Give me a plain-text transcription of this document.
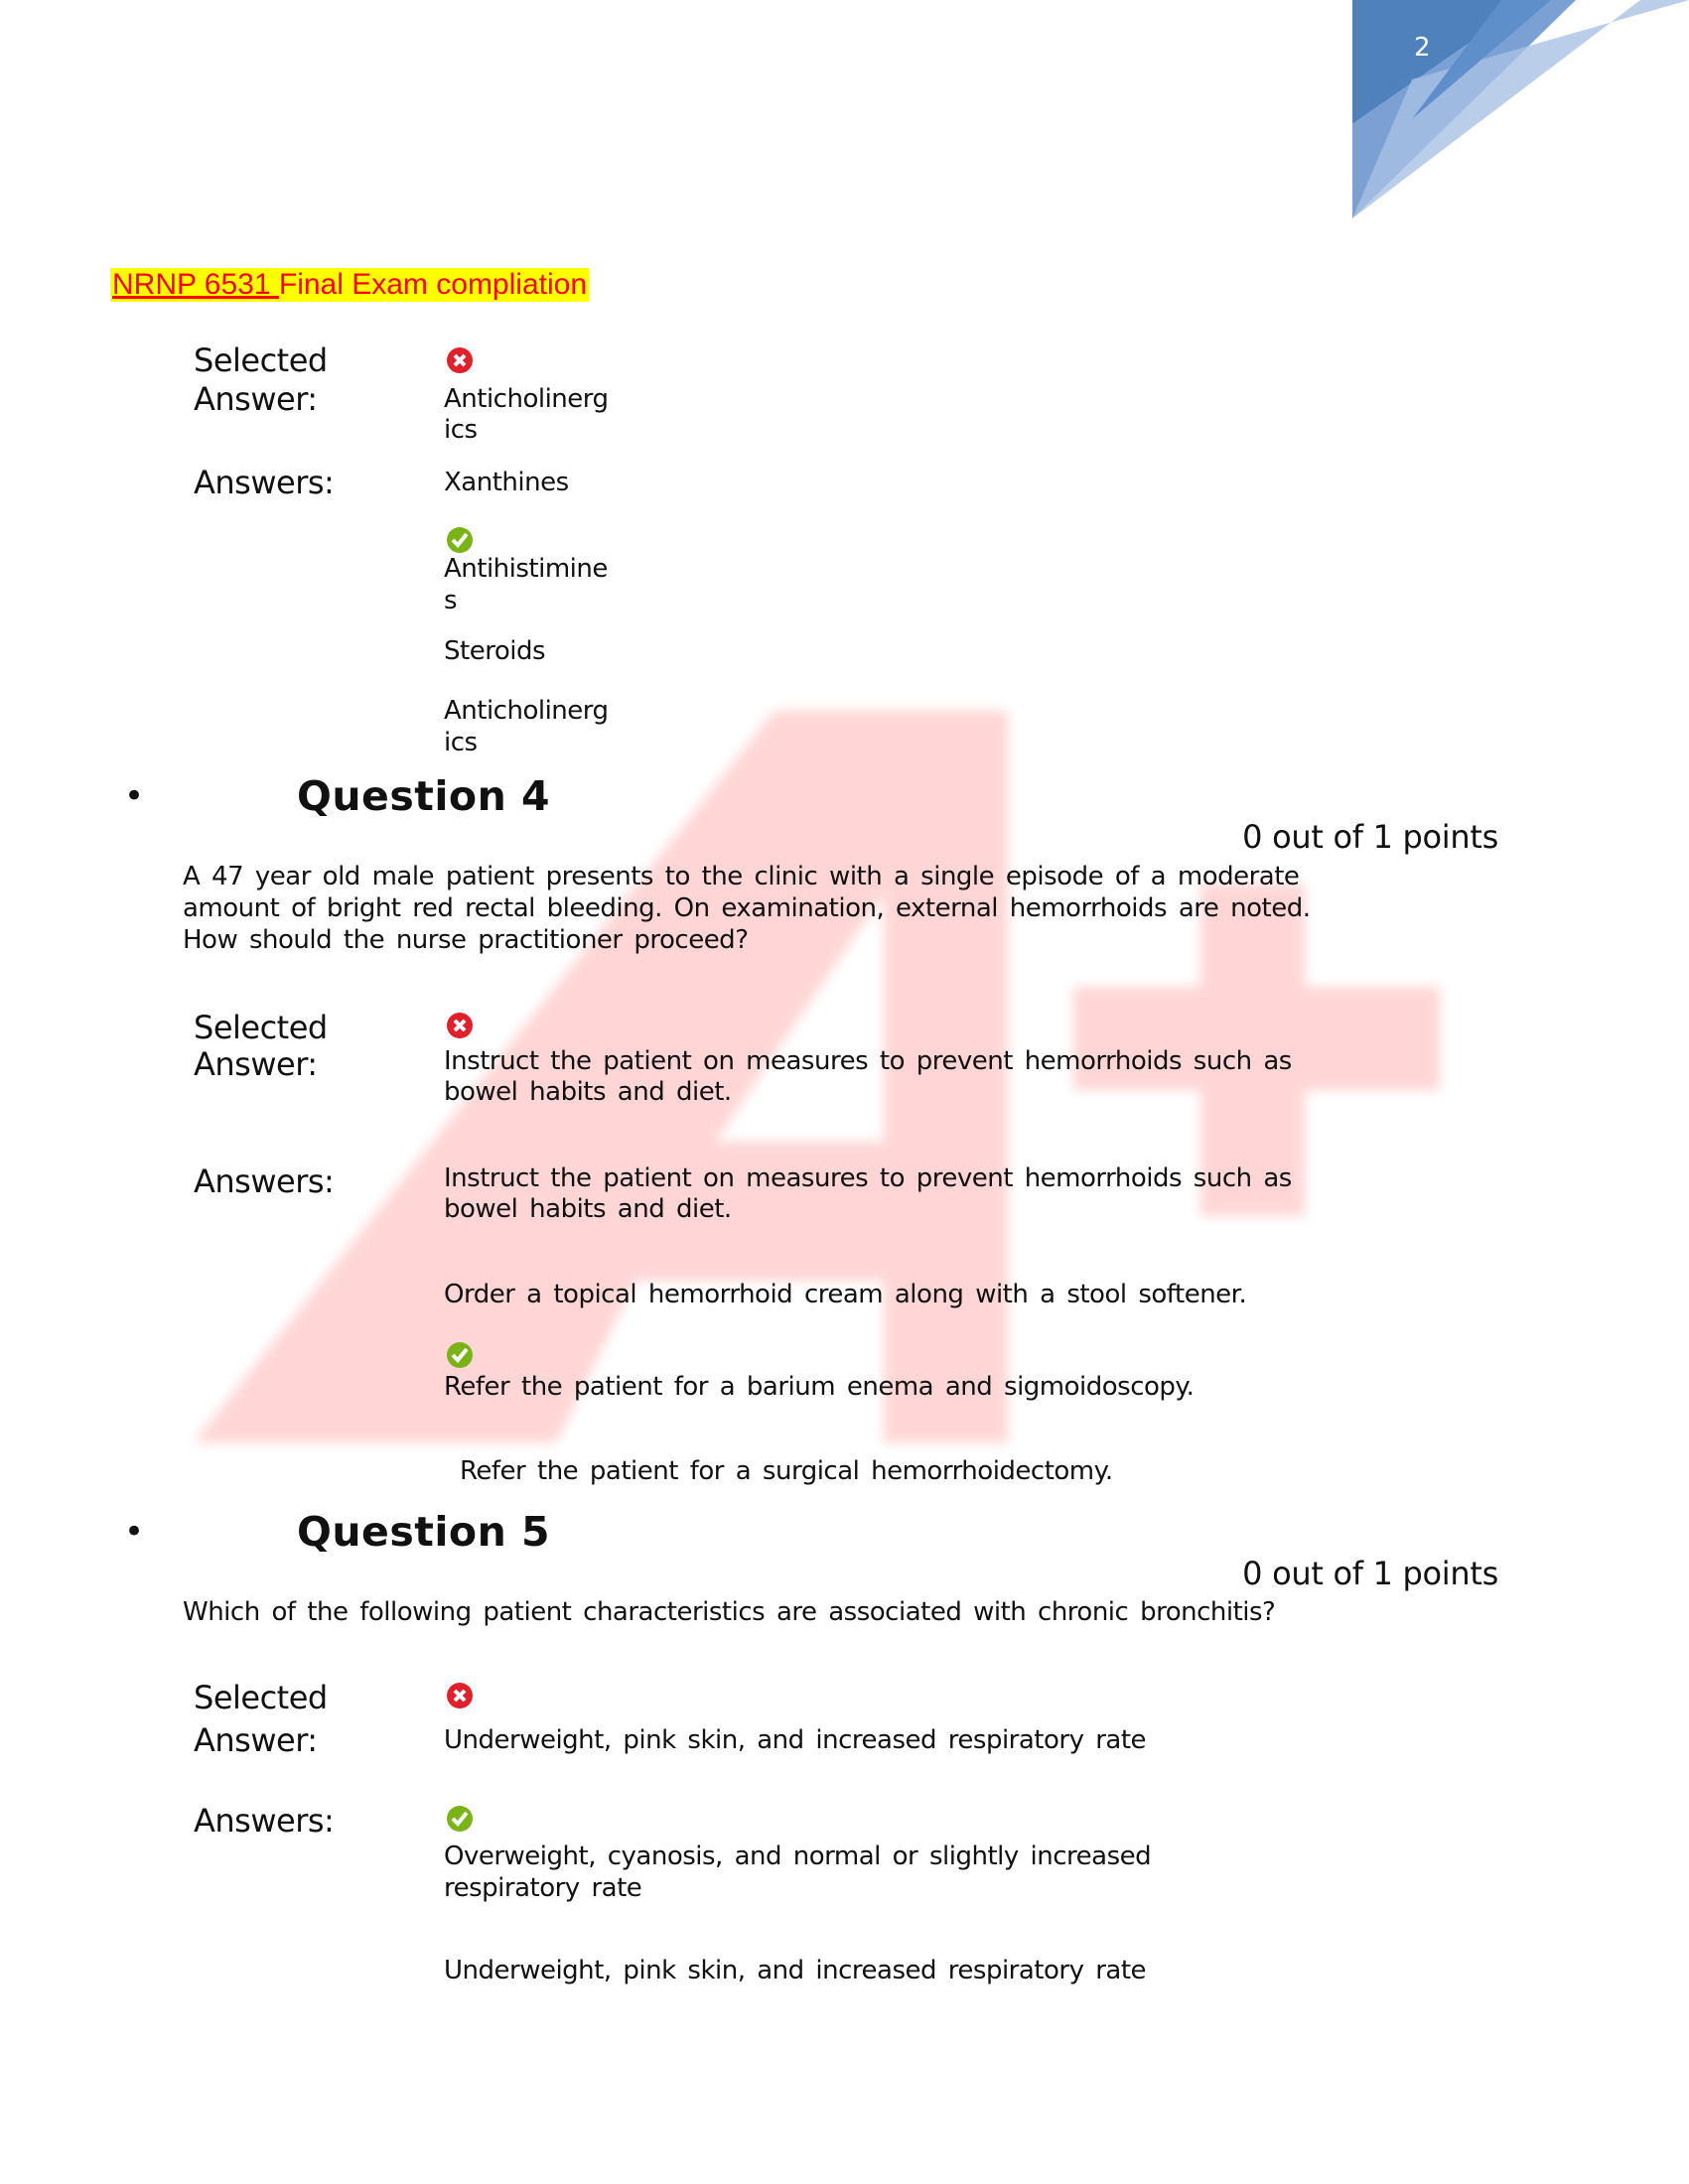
2
NRNP 6531 Final Exam compliation
Selected
Answer:	Anticholinerg
ics
Answers:	Xanthines
Antihistimine
s
Steroids
Anticholinerg
ics
•	Question 4
0 out of 1 points
A 47 year old male patient presents to the clinic with a single episode of a moderate
amount of bright red rectal bleeding. On examination, external hemorrhoids are noted.
How should the nurse practitioner proceed?
Selected
Answer:	Instruct the patient on measures to prevent hemorrhoids such as
bowel habits and diet.
Answers:	Instruct the patient on measures to prevent hemorrhoids such as
bowel habits and diet.
Order a topical hemorrhoid cream along with a stool softener.
Refer the patient for a barium enema and sigmoidoscopy.
Refer the patient for a surgical hemorrhoidectomy.
•	Question 5
0 out of 1 points
Which of the following patient characteristics are associated with chronic bronchitis?
Selected
Answer:	Underweight, pink skin, and increased respiratory rate
Answers:
Overweight, cyanosis, and normal or slightly increased
respiratory rate
Underweight, pink skin, and increased respiratory rate
